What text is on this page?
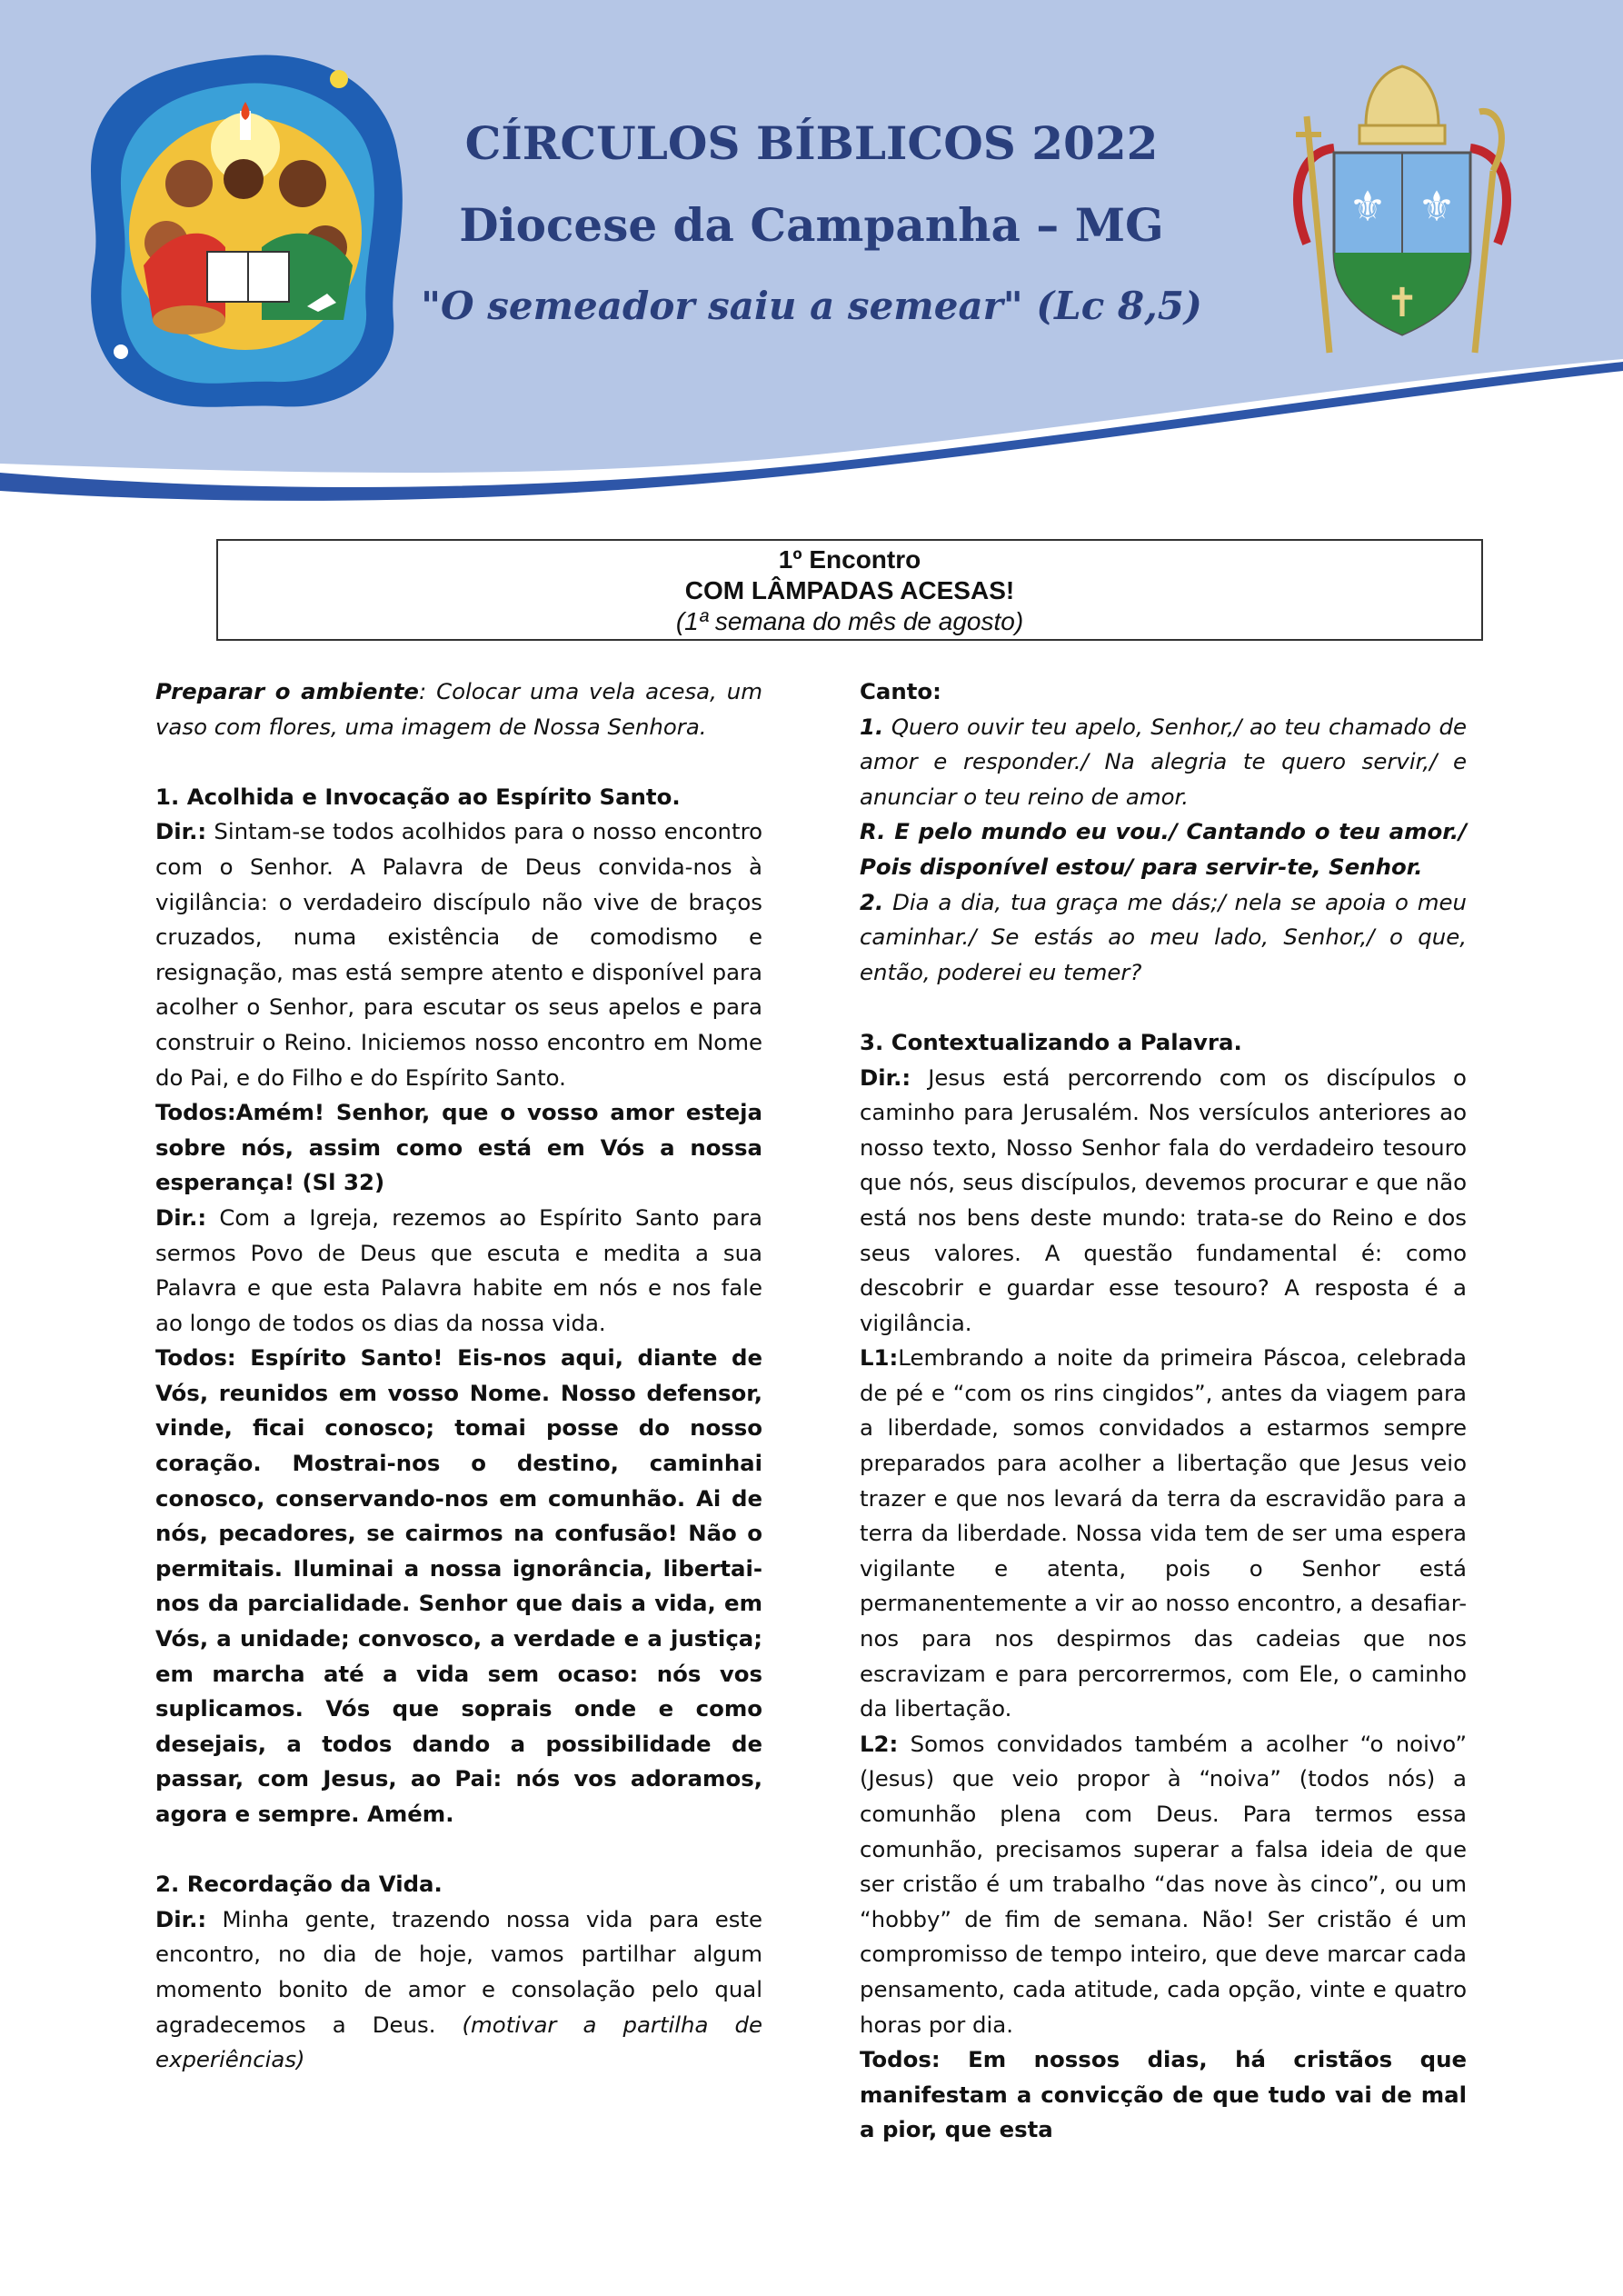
CÍRCULOS BÍBLICOS 2022
Diocese da Campanha – MG
"O semeador saiu a semear" (Lc 8,5)
⚜ ⚜
✝
1º Encontro
COM LÂMPADAS ACESAS!
(1ª semana do mês de agosto)

Preparar o ambiente: Colocar uma vela acesa, um vaso com flores, uma imagem de Nossa Senhora.

1. Acolhida e Invocação ao Espírito Santo.

Dir.: Sintam-se todos acolhidos para o nosso encontro com o Senhor. A Palavra de Deus convida-nos à vigilância: o verdadeiro discípulo não vive de braços cruzados, numa existência de comodismo e resignação, mas está sempre atento e disponível para acolher o Senhor, para escutar os seus apelos e para construir o Reino. Iniciemos nosso encontro em Nome do Pai, e do Filho e do Espírito Santo.

Todos:Amém! Senhor, que o vosso amor esteja sobre nós, assim como está em Vós a nossa esperança! (Sl 32)

Dir.: Com a Igreja, rezemos ao Espírito Santo para sermos Povo de Deus que escuta e medita a sua Palavra e que esta Palavra habite em nós e nos fale ao longo de todos os dias da nossa vida.

Todos: Espírito Santo! Eis-nos aqui, diante de Vós, reunidos em vosso Nome. Nosso defensor, vinde, ficai conosco; tomai posse do nosso coração. Mostrai-nos o destino, caminhai conosco, conservando-nos em comunhão. Ai de nós, pecadores, se cairmos na confusão! Não o permitais. Iluminai a nossa ignorância, libertai-nos da parcialidade. Senhor que dais a vida, em Vós, a unidade; convosco, a verdade e a justiça; em marcha até a vida sem ocaso: nós vos suplicamos. Vós que soprais onde e como desejais, a todos dando a possibilidade de passar, com Jesus, ao Pai: nós vos adoramos, agora e sempre. Amém.

2. Recordação da Vida.

Dir.: Minha gente, trazendo nossa vida para este encontro, no dia de hoje, vamos partilhar algum momento bonito de amor e consolação pelo qual agradecemos a Deus. (motivar a partilha de experiências)

Canto:

1. Quero ouvir teu apelo, Senhor,/ ao teu chamado de amor e responder./ Na alegria te quero servir,/ e anunciar o teu reino de amor.

R. E pelo mundo eu vou./ Cantando o teu amor./ Pois disponível estou/ para servir-te, Senhor.

2. Dia a dia, tua graça me dás;/ nela se apoia o meu caminhar./ Se estás ao meu lado, Senhor,/ o que, então, poderei eu temer?

3. Contextualizando a Palavra.

Dir.: Jesus está percorrendo com os discípulos o caminho para Jerusalém. Nos versículos anteriores ao nosso texto, Nosso Senhor fala do verdadeiro tesouro que nós, seus discípulos, devemos procurar e que não está nos bens deste mundo: trata-se do Reino e dos seus valores. A questão fundamental é: como descobrir e guardar esse tesouro? A resposta é a vigilância.

L1:Lembrando a noite da primeira Páscoa, celebrada de pé e “com os rins cingidos”, antes da viagem para a liberdade, somos convidados a estarmos sempre preparados para acolher a libertação que Jesus veio trazer e que nos levará da terra da escravidão para a terra da liberdade. Nossa vida tem de ser uma espera vigilante e atenta, pois o Senhor está permanentemente a vir ao nosso encontro, a desafiar-nos para nos despirmos das cadeias que nos escravizam e para percorrermos, com Ele, o caminho da libertação.

L2: Somos convidados também a acolher “o noivo” (Jesus) que veio propor à “noiva” (todos nós) a comunhão plena com Deus. Para termos essa comunhão, precisamos superar a falsa ideia de que ser cristão é um trabalho “das nove às cinco”, ou um “hobby” de fim de semana. Não! Ser cristão é um compromisso de tempo inteiro, que deve marcar cada pensamento, cada atitude, cada opção, vinte e quatro horas por dia.

Todos: Em nossos dias, há cristãos que manifestam a convicção de que tudo vai de mal a pior, que esta
